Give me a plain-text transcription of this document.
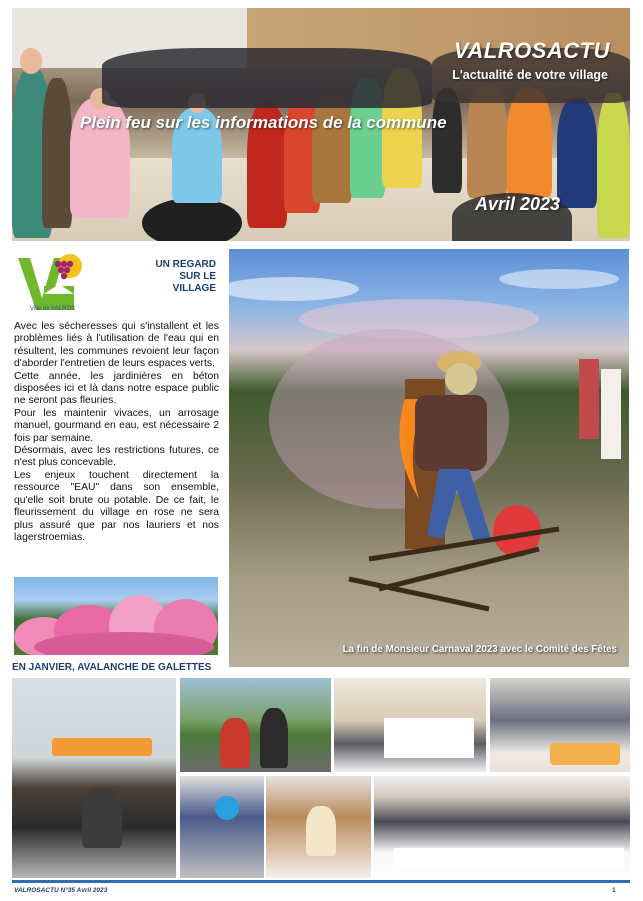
VALROSACTU
L'actualité de votre village
Plein feu sur les informations de la commune
Avril 2023
Ville de VALROS
UN REGARD
SUR LE
VILLAGE

Avec les sécheresses qui s'installent et les problèmes liés à l'utilisation de l'eau qui en résultent, les communes revoient leur façon d'aborder l'entretien de leurs espaces verts.

Cette année, les jardinières en béton disposées ici et là dans notre espace public ne seront pas fleuries.

Pour les maintenir vivaces, un arrosage manuel, gourmand en eau, est nécessaire 2 fois par semaine.

Désormais, avec les restrictions futures, ce n'est plus concevable.

Les enjeux touchent directement la ressource "EAU" dans son ensemble, qu'elle soit brute ou potable. De ce fait, le fleurissement du village en rose ne sera plus assuré que par nos lauriers et nos lagerstroemias.

La fin de Monsieur Carnaval 2023 avec le Comité des Fêtes
EN JANVIER, AVALANCHE DE GALETTES
VALROSACTU N°35 Avril 2023	1
